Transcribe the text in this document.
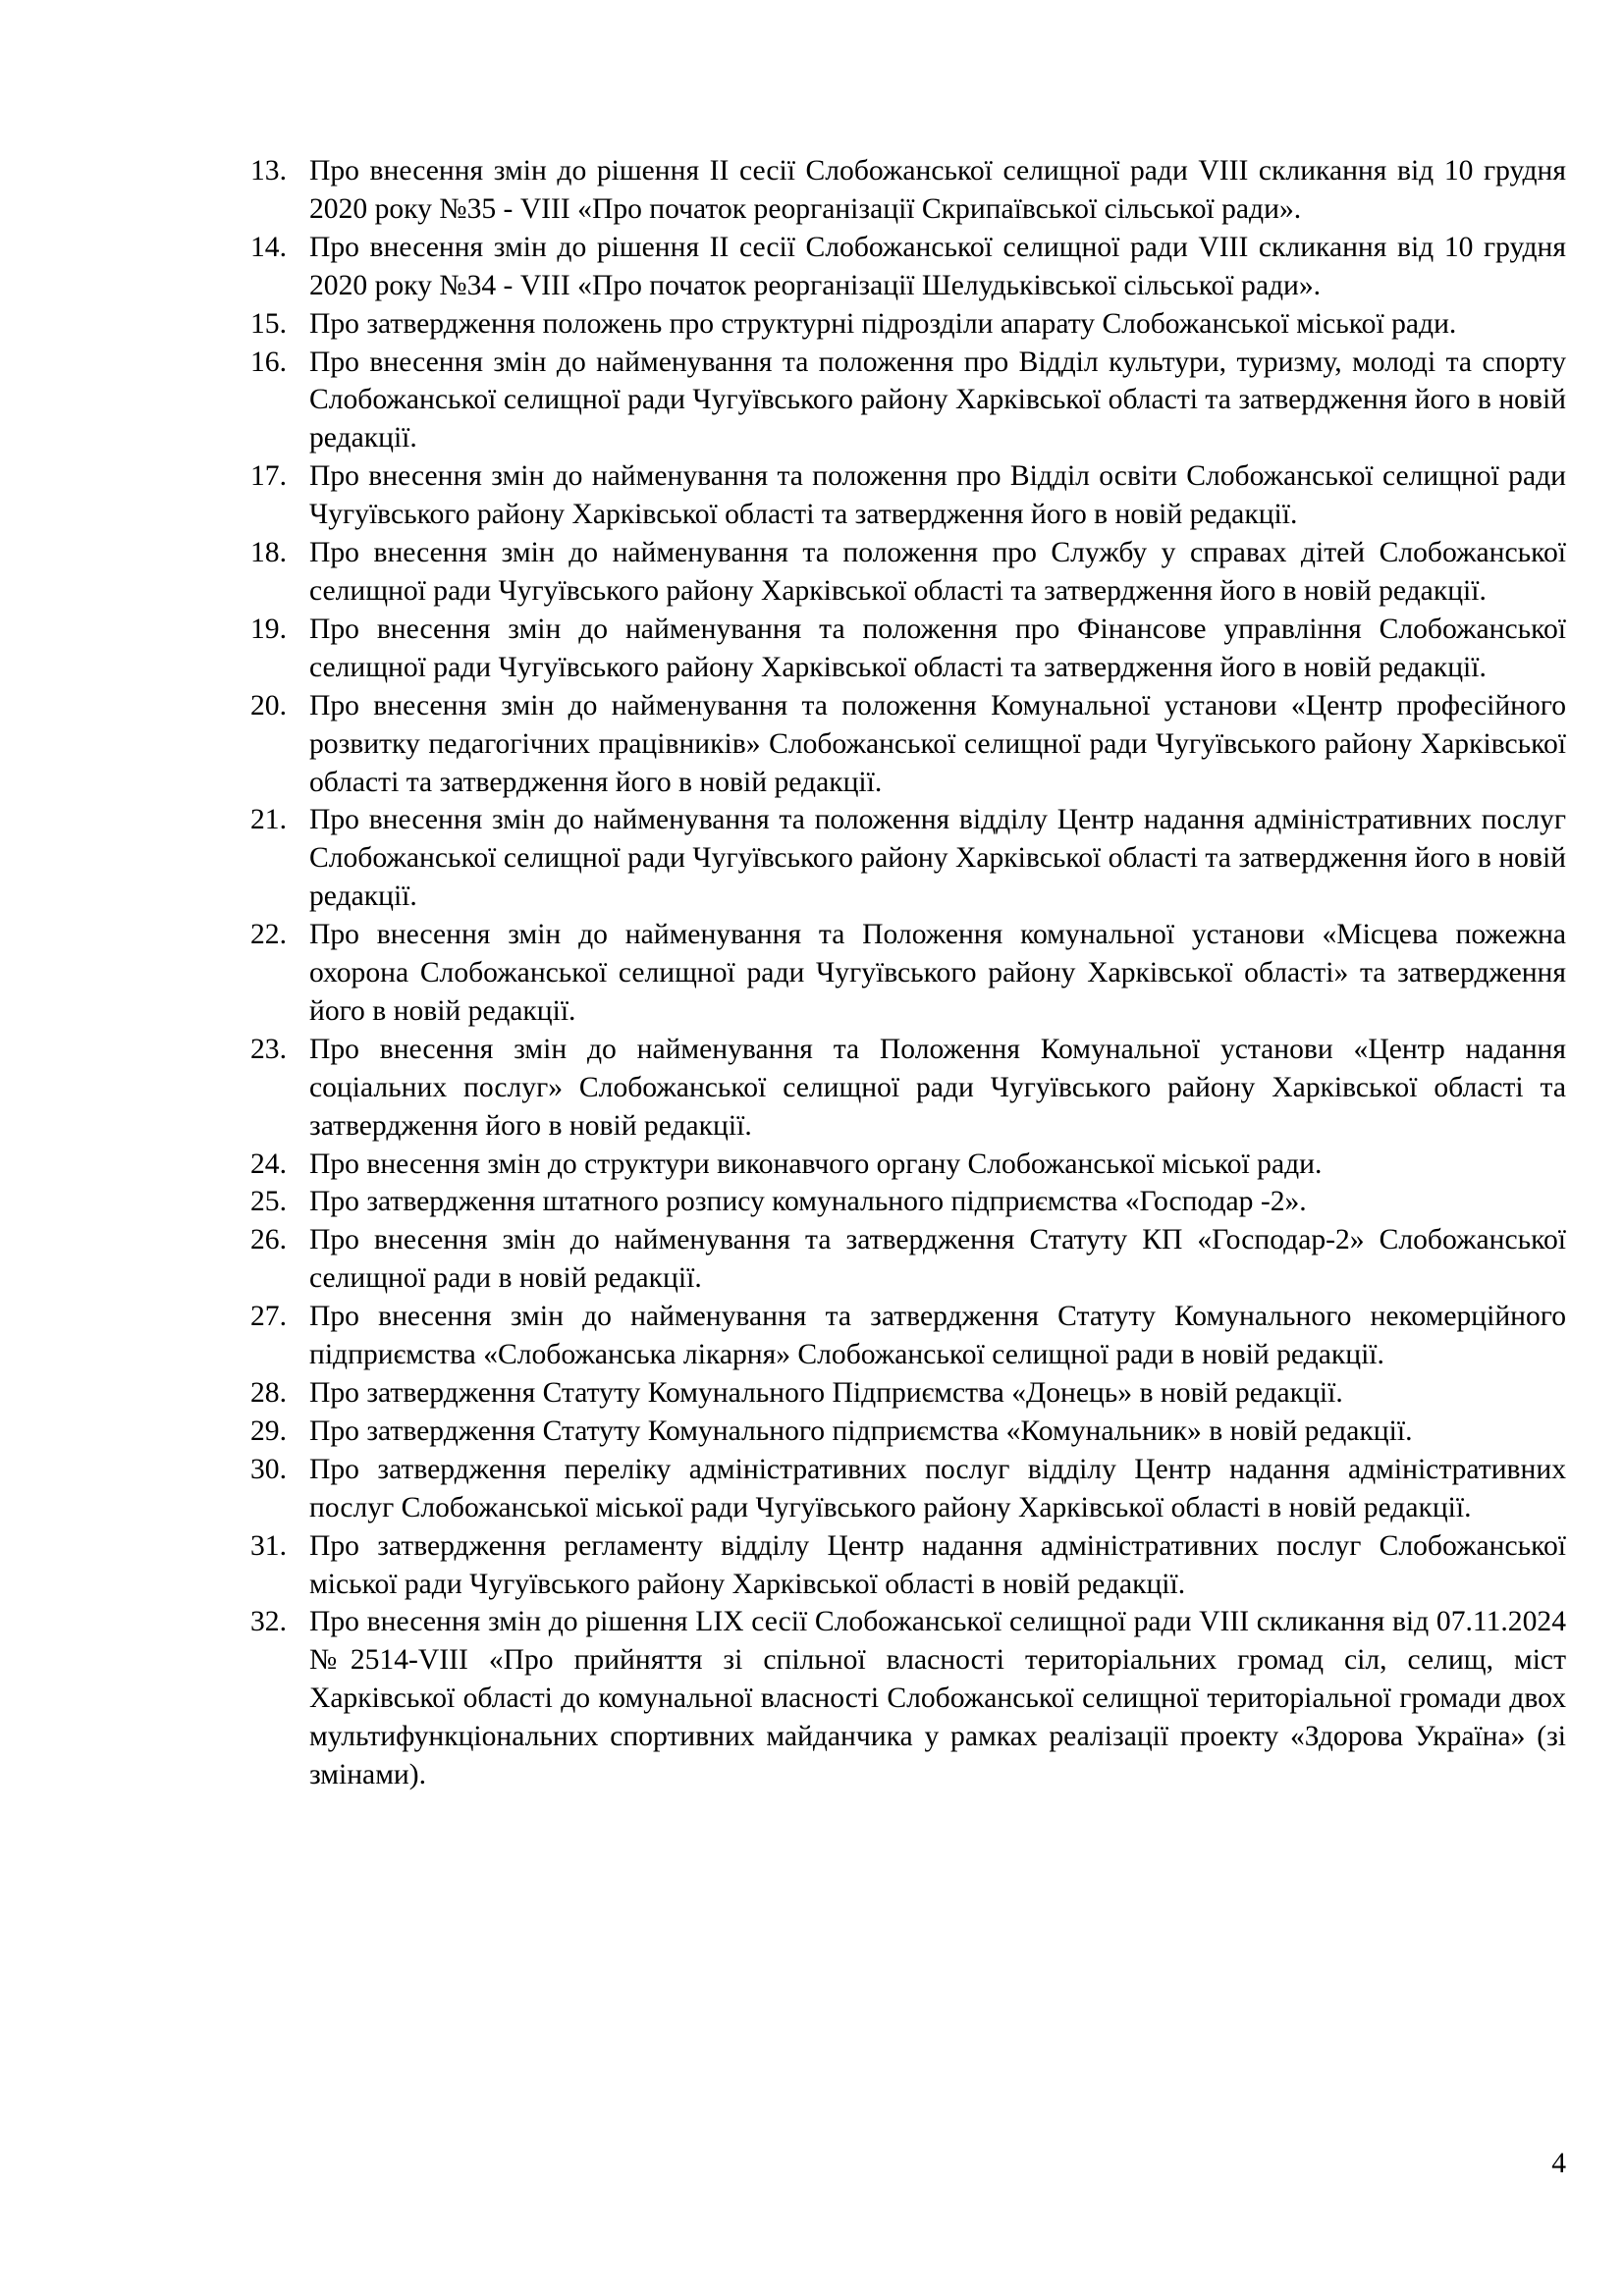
13. Про внесення змін до рішення II сесії Слобожанської селищної ради VIII скликання від 10 грудня 2020 року №35 - VIII «Про початок реорганізації Скрипаївської сільської ради».
14. Про внесення змін до рішення II сесії Слобожанської селищної ради VIII скликання від 10 грудня 2020 року №34 - VIII «Про початок реорганізації Шелудьківської сільської ради».
15. Про затвердження положень про структурні підрозділи апарату Слобожанської міської ради.
16. Про внесення змін до найменування та положення про Відділ культури, туризму, молоді та спорту Слобожанської селищної ради Чугуївського району Харківської області та затвердження його в новій редакції.
17. Про внесення змін до найменування та положення про Відділ освіти Слобожанської селищної ради Чугуївського району Харківської області та затвердження його в новій редакції.
18. Про внесення змін до найменування та положення про Службу у справах дітей Слобожанської селищної ради Чугуївського району Харківської області та затвердження його в новій редакції.
19. Про внесення змін до найменування та положення про Фінансове управління Слобожанської селищної ради Чугуївського району Харківської області та затвердження його в новій редакції.
20. Про внесення змін до найменування та положення Комунальної установи «Центр професійного розвитку педагогічних працівників» Слобожанської селищної ради Чугуївського району Харківської області та затвердження його в новій редакції.
21. Про внесення змін до найменування та положення відділу Центр надання адміністративних послуг Слобожанської селищної ради Чугуївського району Харківської області та затвердження його в новій редакції.
22. Про внесення змін до найменування та Положення комунальної установи «Місцева пожежна охорона Слобожанської селищної ради Чугуївського району Харківської області» та затвердження його в новій редакції.
23. Про внесення змін до найменування та Положення Комунальної установи «Центр надання соціальних послуг» Слобожанської селищної ради Чугуївського району Харківської області та затвердження його в новій редакції.
24. Про внесення змін до структури виконавчого органу Слобожанської міської ради.
25. Про затвердження штатного розпису комунального підприємства «Господар -2».
26. Про внесення змін до найменування та затвердження Статуту КП «Господар-2» Слобожанської селищної ради в новій редакції.
27. Про внесення змін до найменування та затвердження Статуту Комунального некомерційного підприємства «Слобожанська лікарня» Слобожанської селищної ради в новій редакції.
28. Про затвердження Статуту Комунального Підприємства «Донець» в новій редакції.
29. Про затвердження Статуту Комунального підприємства «Комунальник» в новій редакції.
30. Про затвердження переліку адміністративних послуг відділу Центр надання адміністративних послуг Слобожанської міської ради Чугуївського району Харківської області в новій редакції.
31. Про затвердження регламенту відділу Центр надання адміністративних послуг Слобожанської міської ради Чугуївського району Харківської області в новій редакції.
32. Про внесення змін до рішення LIX сесії Слобожанської селищної ради VIII скликання від 07.11.2024 №2514-VIII «Про прийняття зі спільної власності територіальних громад сіл, селищ, міст Харківської області до комунальної власності Слобожанської селищної територіальної громади двох мультифункціональних спортивних майданчика у рамках реалізації проекту «Здорова Україна» (зі змінами).
4
